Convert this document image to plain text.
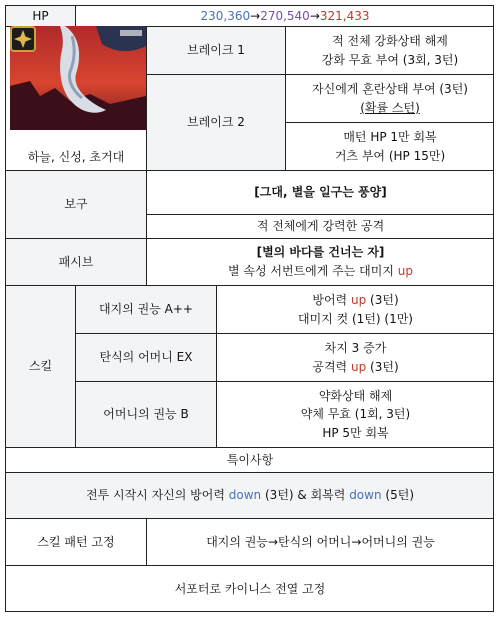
HP	230,360 → 270,540 → 321,433
하늘, 신성, 초거대
브레이크 1
적 전체 강화상태 해제
강화 무효 부여 (3회, 3턴)
브레이크 2
자신에게 혼란상태 부여 (3턴)
(확률 스턴)
매턴 HP 1만 회복
거츠 부여 (HP 15만)
보구
[그대, 별을 일구는 풍양]
적 전체에게 강력한 공격
패시브
[별의 바다를 건너는 자]
별 속성 서번트에게 주는 대미지 up
스킬
대지의 권능 A++
방어력 up (3턴)
대미지 컷 (1턴) (1만)
탄식의 어머니 EX
차지 3 증가
공격력 up (3턴)
어머니의 권능 B
약화상태 해제
약체 무효 (1회, 3턴)
HP 5만 회복
특이사항
전투 시작시 자신의 방어력 down (3턴) & 회복력 down (5턴)
스킬 패턴 고정	대지의 권능→탄식의 어머니→어머니의 권능
서포터로 카이니스 전열 고정
